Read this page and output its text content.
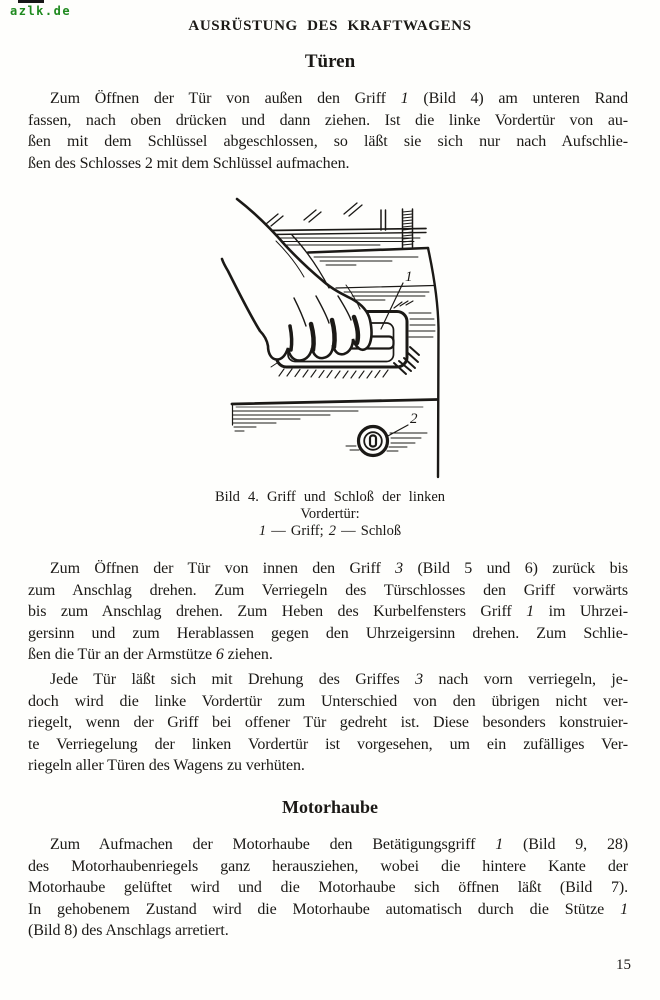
azlk.de
AUSRÜSTUNG DES KRAFTWAGENS
Türen
Zum Öffnen der Tür von außen den Griff 1 (Bild 4) am unteren Rand
fassen, nach oben drücken und dann ziehen. Ist die linke Vordertür von au-
ßen mit dem Schlüssel abgeschlossen, so läßt sie sich nur nach Aufschlie-
ßen des Schlosses 2 mit dem Schlüssel aufmachen.
1
2
Bild 4. Griff und Schloß der linken
Vordertür:
1 — Griff; 2 — Schloß
Zum Öffnen der Tür von innen den Griff 3 (Bild 5 und 6) zurück bis
zum Anschlag drehen. Zum Verriegeln des Türschlosses den Griff vorwärts
bis zum Anschlag drehen. Zum Heben des Kurbelfensters Griff 1 im Uhrzei-
gersinn und zum Herablassen gegen den Uhrzeigersinn drehen. Zum Schlie-
ßen die Tür an der Armstütze 6 ziehen.
Jede Tür läßt sich mit Drehung des Griffes 3 nach vorn verriegeln, je-
doch wird die linke Vordertür zum Unterschied von den übrigen nicht ver-
riegelt, wenn der Griff bei offener Tür gedreht ist. Diese besonders konstruier-
te Verriegelung der linken Vordertür ist vorgesehen, um ein zufälliges Ver-
riegeln aller Türen des Wagens zu verhüten.
Motorhaube
Zum Aufmachen der Motorhaube den Betätigungsgriff 1 (Bild 9, 28)
des Motorhaubenriegels ganz herausziehen, wobei die hintere Kante der
Motorhaube gelüftet wird und die Motorhaube sich öffnen läßt (Bild 7).
In gehobenem Zustand wird die Motorhaube automatisch durch die Stütze 1
(Bild 8) des Anschlags arretiert.
15
